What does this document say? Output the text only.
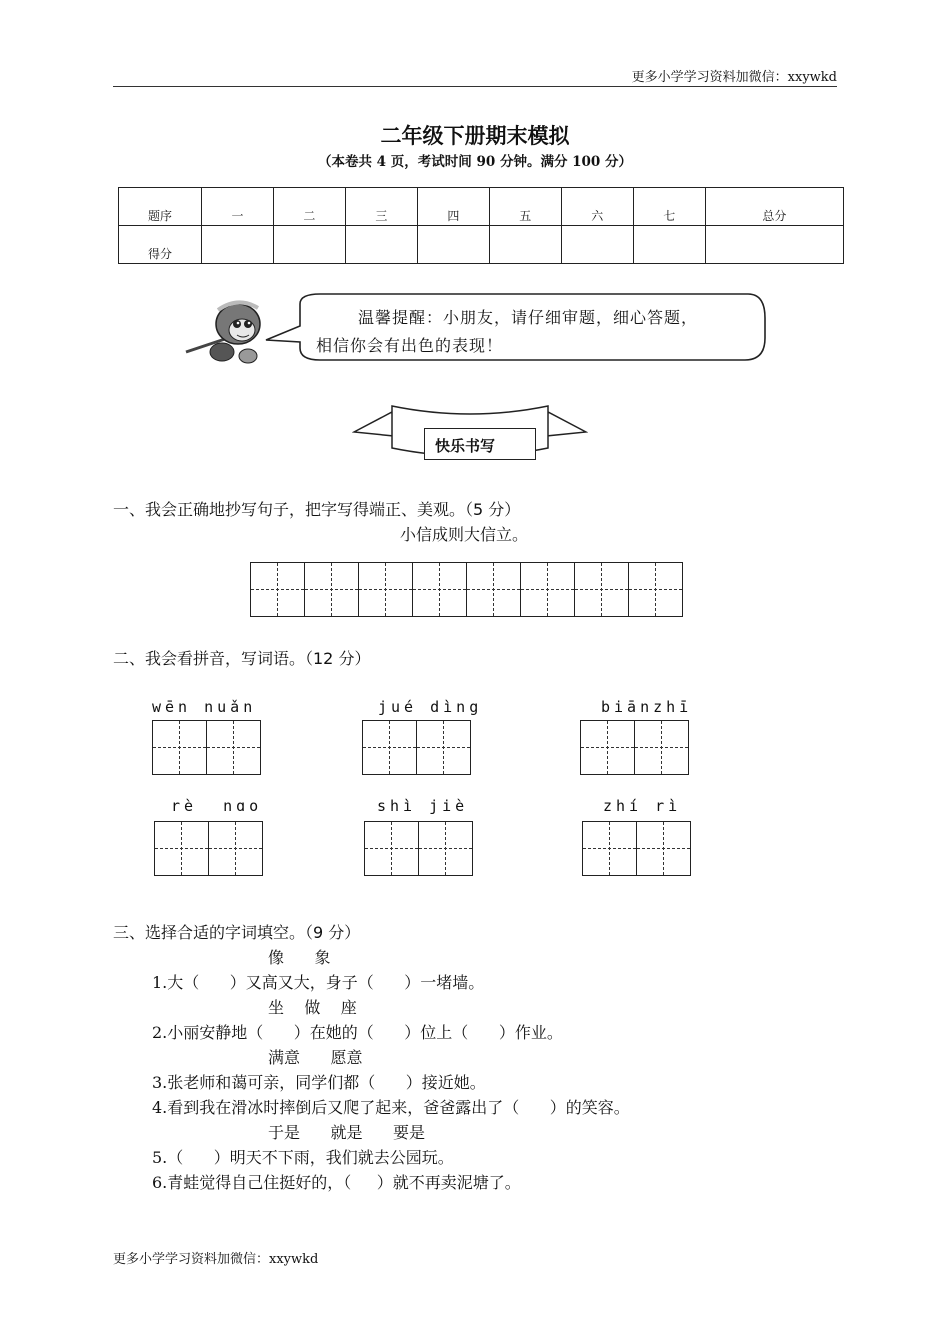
更多小学学习资料加微信：xxywkd
二年级下册期末模拟
（本卷共 4 页，考试时间 90 分钟。满分 100 分）
题序	一	二	三	四	五	六	七	总分
得分								
温馨提醒：小朋友，请仔细审题，细心答题，
相信你会有出色的表现！
快乐书写
一、我会正确地抄写句子，把字写得端正、美观。（5 分）
小信成则大信立。
二、我会看拼音，写词语。（12 分）
wēn nuǎn	jué dìng	biānzhī
rè  nɑo	shì jiè	zhí rì
三、选择合适的字词填空。（9 分）
像      象
1.大（      ）又高又大，身子（      ）一堵墙。
坐    做    座
2.小丽安静地（      ）在她的（      ）位上（      ）作业。
满意      愿意
3.张老师和蔼可亲，同学们都（      ）接近她。
4.看到我在滑冰时摔倒后又爬了起来，爸爸露出了（      ）的笑容。
于是      就是      要是
5.（      ）明天不下雨，我们就去公园玩。
6.青蛙觉得自己住挺好的，（     ）就不再卖泥塘了。
更多小学学习资料加微信：xxywkd
